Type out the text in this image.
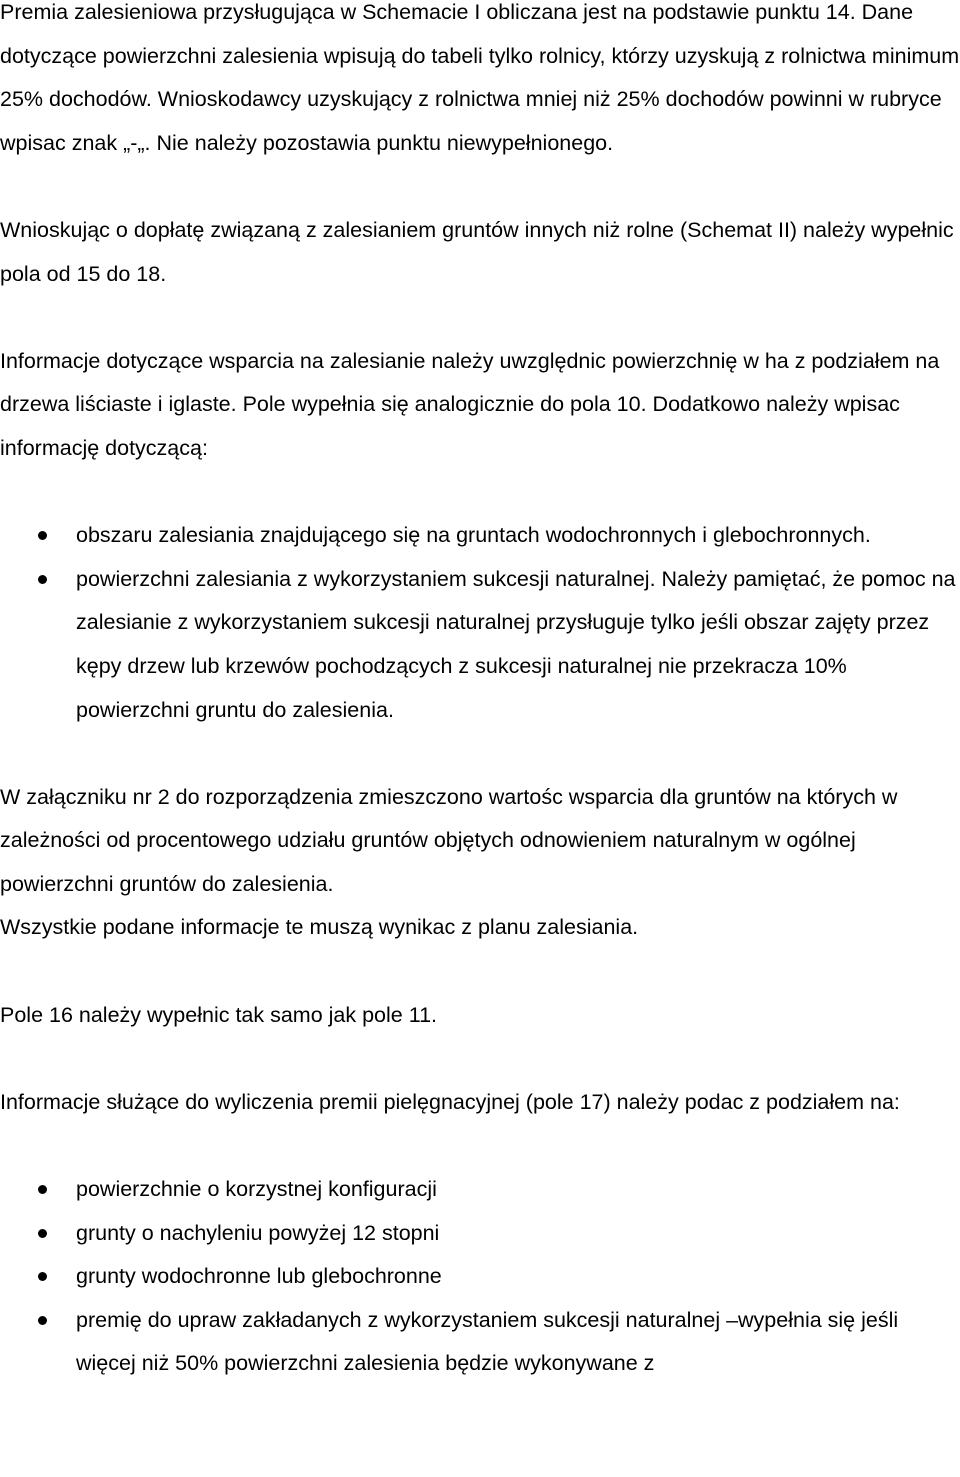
Premia zalesieniowa przysługująca w Schemacie I obliczana jest na podstawie punktu 14. Dane dotyczące powierzchni zalesienia wpisują do tabeli tylko rolnicy, którzy uzyskują z rolnictwa minimum 25% dochodów. Wnioskodawcy uzyskujący z rolnictwa mniej niż 25% dochodów powinni w rubryce wpisac znak „-„. Nie należy pozostawia punktu niewypełnionego.

Wnioskując o dopłatę związaną z zalesianiem gruntów innych niż rolne (Schemat II) należy wypełnic pola od 15 do 18.

Informacje dotyczące wsparcia na zalesianie należy uwzględnic powierzchnię w ha z podziałem na drzewa liściaste i iglaste. Pole wypełnia się analogicznie do pola 10. Dodatkowo należy wpisac informację dotyczącą:

obszaru zalesiania znajdującego się na gruntach wodochronnych i glebochronnych.
powierzchni zalesiania z wykorzystaniem sukcesji naturalnej. Należy pamiętać, że pomoc na zalesianie z wykorzystaniem sukcesji naturalnej przysługuje tylko jeśli obszar zajęty przez kępy drzew lub krzewów pochodzących z sukcesji naturalnej nie przekracza 10% powierzchni gruntu do zalesienia.

W załączniku nr 2 do rozporządzenia zmieszczono wartośc wsparcia dla gruntów na których w zależności od procentowego udziału gruntów objętych odnowieniem naturalnym w ogólnej powierzchni gruntów do zalesienia.

Wszystkie podane informacje te muszą wynikac z planu zalesiania.

Pole 16 należy wypełnic tak samo jak pole 11.

Informacje służące do wyliczenia premii pielęgnacyjnej (pole 17) należy podac z podziałem na:

powierzchnie o korzystnej konfiguracji
grunty o nachyleniu powyżej 12 stopni
grunty wodochronne lub glebochronne
premię do upraw zakładanych z wykorzystaniem sukcesji naturalnej –wypełnia się jeśli więcej niż 50% powierzchni zalesienia będzie wykonywane z
